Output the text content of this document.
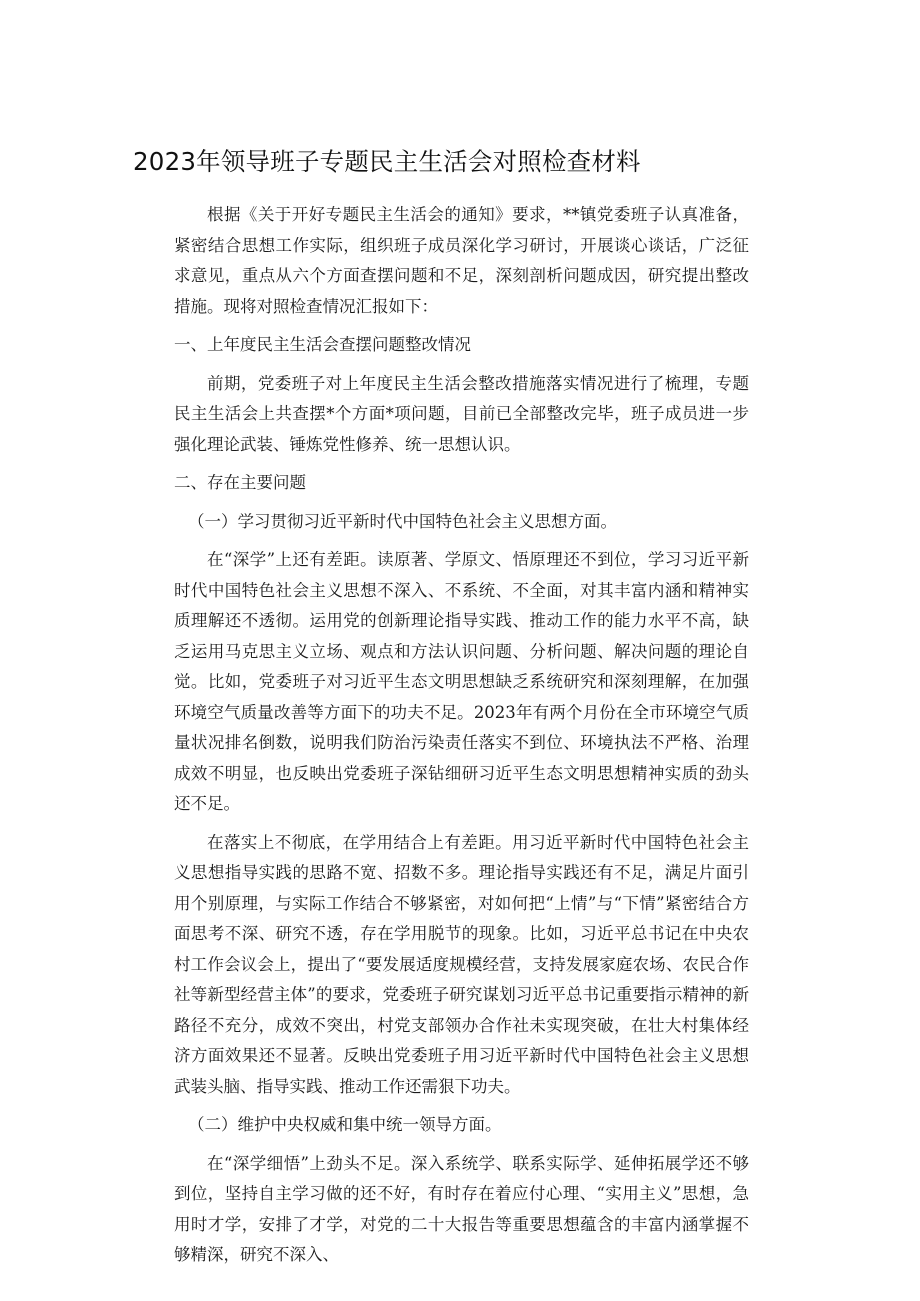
2023年领导班子专题民主生活会对照检查材料

根据《关于开好专题民主生活会的通知》要求，**镇党委班子认真准备，紧密结合思想工作实际，组织班子成员深化学习研讨，开展谈心谈话，广泛征求意见，重点从六个方面查摆问题和不足，深刻剖析问题成因，研究提出整改措施。现将对照检查情况汇报如下：

一、上年度民主生活会查摆问题整改情况

前期，党委班子对上年度民主生活会整改措施落实情况进行了梳理，专题民主生活会上共查摆*个方面*项问题，目前已全部整改完毕，班子成员进一步强化理论武装、锤炼党性修养、统一思想认识。

二、存在主要问题

（一）学习贯彻习近平新时代中国特色社会主义思想方面。

在“深学”上还有差距。读原著、学原文、悟原理还不到位，学习习近平新时代中国特色社会主义思想不深入、不系统、不全面，对其丰富内涵和精神实质理解还不透彻。运用党的创新理论指导实践、推动工作的能力水平不高，缺乏运用马克思主义立场、观点和方法认识问题、分析问题、解决问题的理论自觉。比如，党委班子对习近平生态文明思想缺乏系统研究和深刻理解，在加强环境空气质量改善等方面下的功夫不足。2023年有两个月份在全市环境空气质量状况排名倒数，说明我们防治污染责任落实不到位、环境执法不严格、治理成效不明显，也反映出党委班子深钻细研习近平生态文明思想精神实质的劲头还不足。

在落实上不彻底，在学用结合上有差距。用习近平新时代中国特色社会主义思想指导实践的思路不宽、招数不多。理论指导实践还有不足，满足片面引用个别原理，与实际工作结合不够紧密，对如何把“上情”与“下情”紧密结合方面思考不深、研究不透，存在学用脱节的现象。比如，习近平总书记在中央农村工作会议会上，提出了“要发展适度规模经营，支持发展家庭农场、农民合作社等新型经营主体”的要求，党委班子研究谋划习近平总书记重要指示精神的新路径不充分，成效不突出，村党支部领办合作社未实现突破，在壮大村集体经济方面效果还不显著。反映出党委班子用习近平新时代中国特色社会主义思想武装头脑、指导实践、推动工作还需狠下功夫。

（二）维护中央权威和集中统一领导方面。

在“深学细悟”上劲头不足。深入系统学、联系实际学、延伸拓展学还不够到位，坚持自主学习做的还不好，有时存在着应付心理、“实用主义”思想，急用时才学，安排了才学，对党的二十大报告等重要思想蕴含的丰富内涵掌握不够精深，研究不深入、
